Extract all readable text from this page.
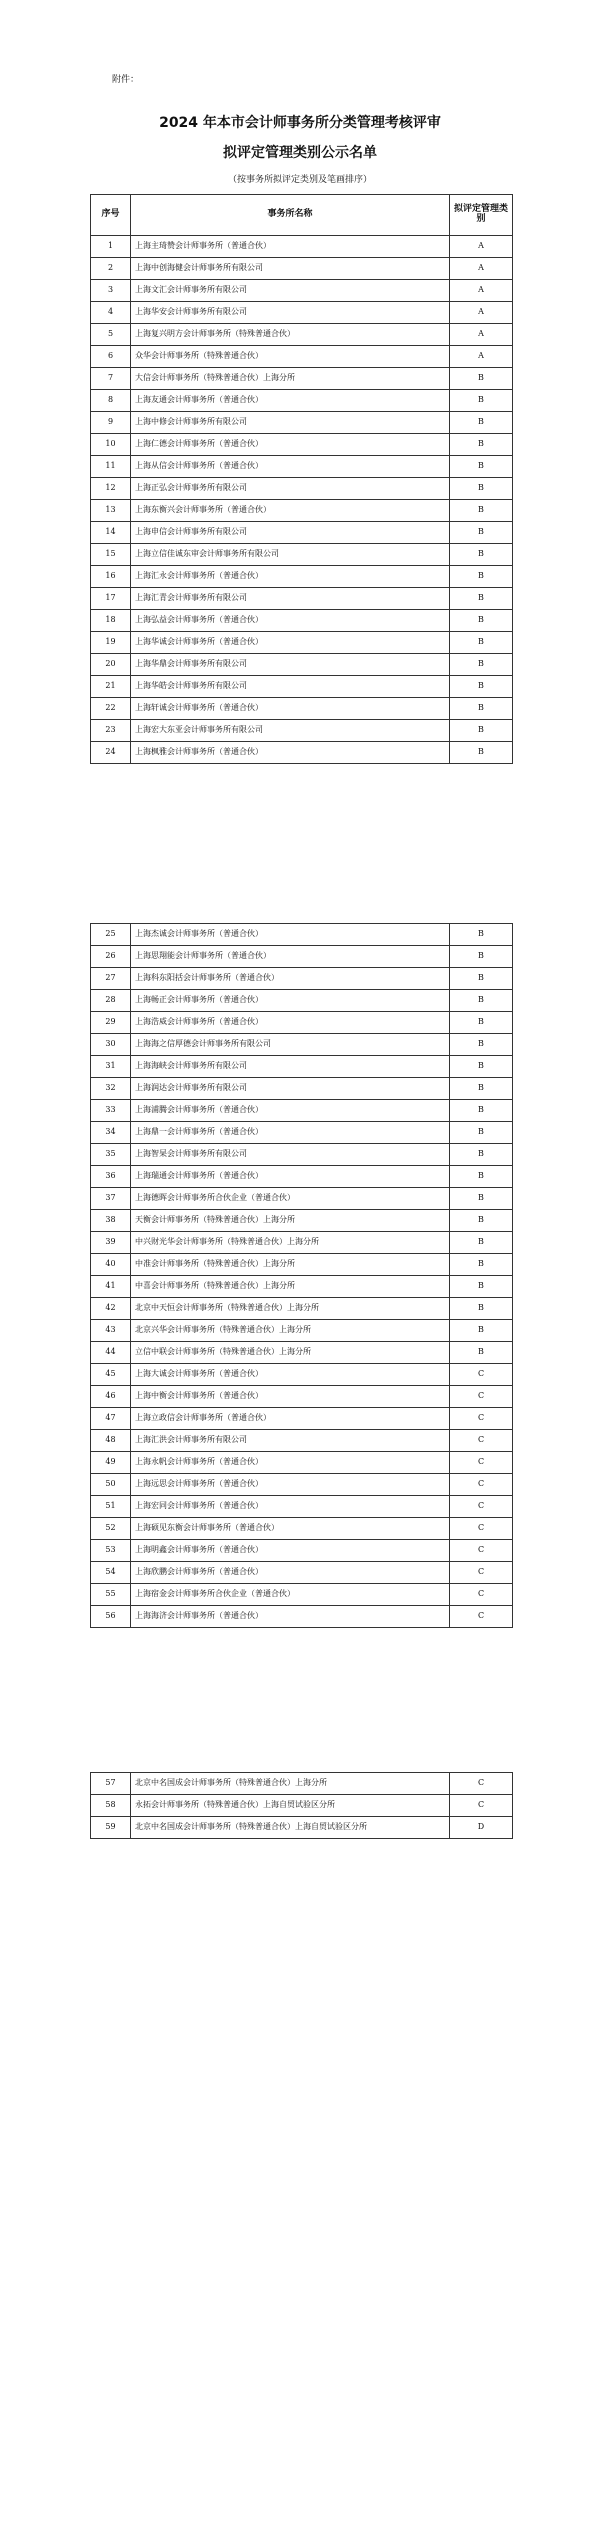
附件：
2024 年本市会计师事务所分类管理考核评审
拟评定管理类别公示名单
（按事务所拟评定类别及笔画排序）
序号	事务所名称	拟评定管理类别
1	上海主琦赞会计师事务所（普通合伙）	A
2	上海中创海健会计师事务所有限公司	A
3	上海文汇会计师事务所有限公司	A
4	上海华安会计师事务所有限公司	A
5	上海复兴明方会计师事务所（特殊普通合伙）	A
6	众华会计师事务所（特殊普通合伙）	A
7	大信会计师事务所（特殊普通合伙）上海分所	B
8	上海友通会计师事务所（普通合伙）	B
9	上海中修会计师事务所有限公司	B
10	上海仁德会计师事务所（普通合伙）	B
11	上海从信会计师事务所（普通合伙）	B
12	上海正弘会计师事务所有限公司	B
13	上海东衡兴会计师事务所（普通合伙）	B
14	上海申信会计师事务所有限公司	B
15	上海立信佳诚东审会计师事务所有限公司	B
16	上海汇永会计师事务所（普通合伙）	B
17	上海汇青会计师事务所有限公司	B
18	上海弘益会计师事务所（普通合伙）	B
19	上海华诚会计师事务所（普通合伙）	B
20	上海华鼎会计师事务所有限公司	B
21	上海华皓会计师事务所有限公司	B
22	上海轩诚会计师事务所（普通合伙）	B
23	上海宏大东亚会计师事务所有限公司	B
24	上海枫雅会计师事务所（普通合伙）	B
25	上海杰诚会计师事务所（普通合伙）	B
26	上海思翔能会计师事务所（普通合伙）	B
27	上海科东阳括会计师事务所（普通合伙）	B
28	上海畅正会计师事务所（普通合伙）	B
29	上海浩威会计师事务所（普通合伙）	B
30	上海海之信厚德会计师事务所有限公司	B
31	上海海峡会计师事务所有限公司	B
32	上海润达会计师事务所有限公司	B
33	上海浦腾会计师事务所（普通合伙）	B
34	上海鼎一会计师事务所（普通合伙）	B
35	上海智杲会计师事务所有限公司	B
36	上海瑞通会计师事务所（普通合伙）	B
37	上海德晖会计师事务所合伙企业（普通合伙）	B
38	天衡会计师事务所（特殊普通合伙）上海分所	B
39	中兴财光华会计师事务所（特殊普通合伙）上海分所	B
40	中准会计师事务所（特殊普通合伙）上海分所	B
41	中喜会计师事务所（特殊普通合伙）上海分所	B
42	北京中天恒会计师事务所（特殊普通合伙）上海分所	B
43	北京兴华会计师事务所（特殊普通合伙）上海分所	B
44	立信中联会计师事务所（特殊普通合伙）上海分所	B
45	上海大诚会计师事务所（普通合伙）	C
46	上海中衡会计师事务所（普通合伙）	C
47	上海立政信会计师事务所（普通合伙）	C
48	上海汇洪会计师事务所有限公司	C
49	上海永帆会计师事务所（普通合伙）	C
50	上海远思会计师事务所（普通合伙）	C
51	上海宏同会计师事务所（普通合伙）	C
52	上海硕见东衡会计师事务所（普通合伙）	C
53	上海明鑫会计师事务所（普通合伙）	C
54	上海欣鹏会计师事务所（普通合伙）	C
55	上海宿金会计师事务所合伙企业（普通合伙）	C
56	上海海济会计师事务所（普通合伙）	C
57	北京中名国成会计师事务所（特殊普通合伙）上海分所	C
58	永拓会计师事务所（特殊普通合伙）上海自贸试验区分所	C
59	北京中名国成会计师事务所（特殊普通合伙）上海自贸试验区分所	D
